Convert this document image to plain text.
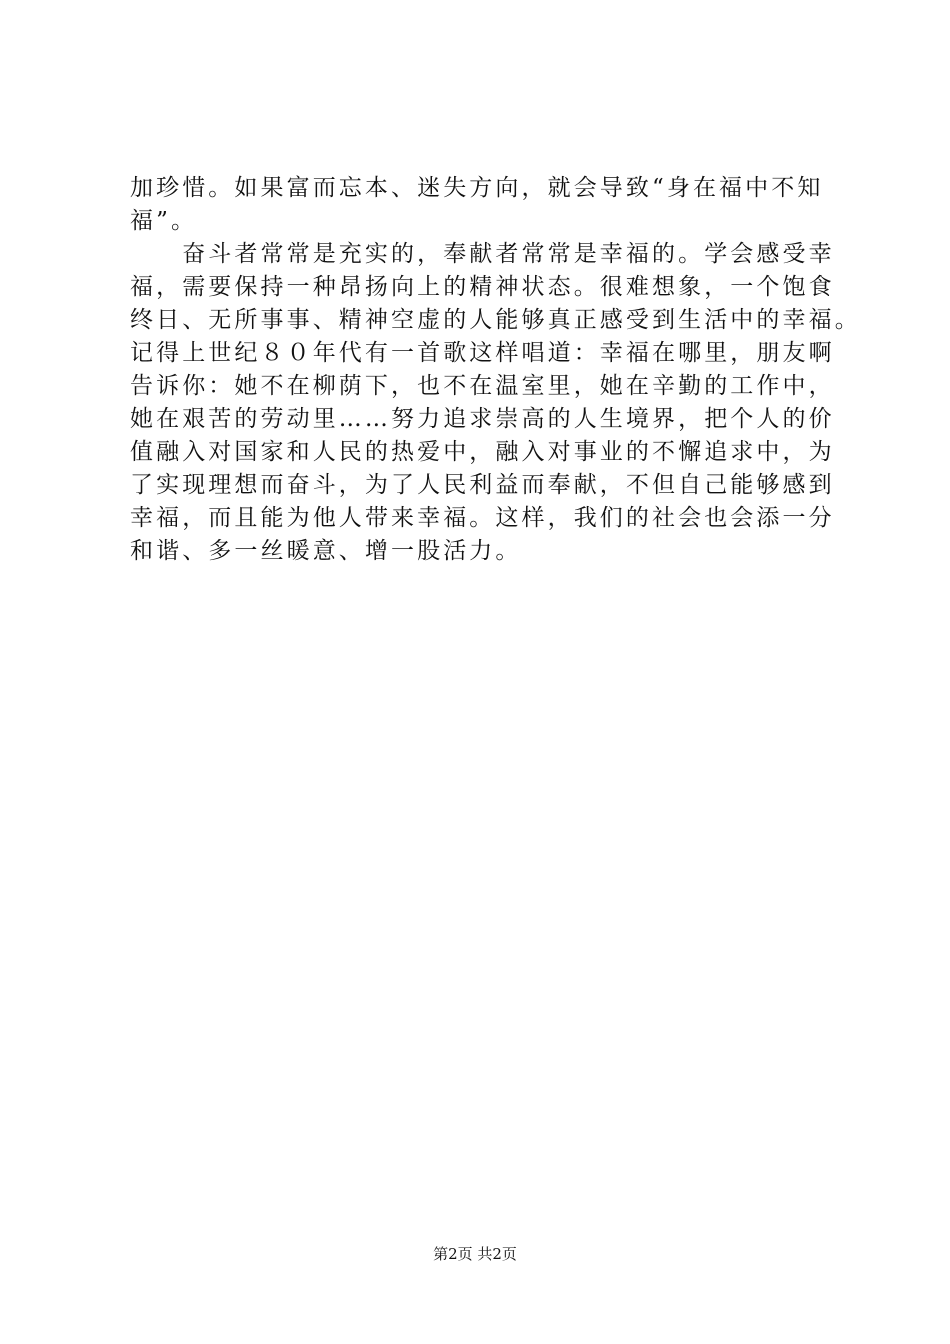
加珍惜。如果富而忘本、迷失方向，就会导致“身在福中不知
福”。
　　奋斗者常常是充实的，奉献者常常是幸福的。学会感受幸
福，需要保持一种昂扬向上的精神状态。很难想象，一个饱食
终日、无所事事、精神空虚的人能够真正感受到生活中的幸福。
记得上世纪８０年代有一首歌这样唱道：幸福在哪里，朋友啊
告诉你：她不在柳荫下，也不在温室里，她在辛勤的工作中，
她在艰苦的劳动里……努力追求崇高的人生境界，把个人的价
值融入对国家和人民的热爱中，融入对事业的不懈追求中，为
了实现理想而奋斗，为了人民利益而奉献，不但自己能够感到
幸福，而且能为他人带来幸福。这样，我们的社会也会添一分
和谐、多一丝暖意、增一股活力。
第2页 共2页
